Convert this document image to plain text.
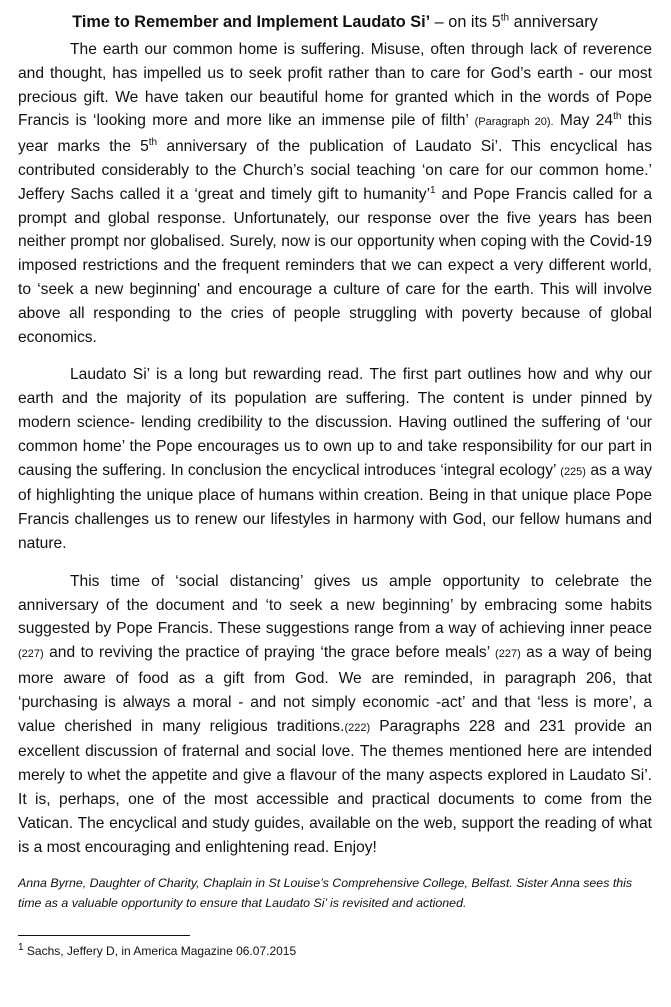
Time to Remember and Implement Laudato Si’ – on its 5th anniversary

The earth our common home is suffering. Misuse, often through lack of reverence and thought, has impelled us to seek profit rather than to care for God’s earth - our most precious gift. We have taken our beautiful home for granted which in the words of Pope Francis is ‘looking more and more like an immense pile of filth’ (Paragraph 20). May 24th this year marks the 5th anniversary of the publication of Laudato Si’. This encyclical has contributed considerably to the Church’s social teaching ‘on care for our common home.’ Jeffery Sachs called it a ‘great and timely gift to humanity’$^1$ and Pope Francis called for a prompt and global response. Unfortunately, our response over the five years has been neither prompt nor globalised. Surely, now is our opportunity when coping with the Covid-19 imposed restrictions and the frequent reminders that we can expect a very different world, to ‘seek a new beginning' and encourage a culture of care for the earth. This will involve above all responding to the cries of people struggling with poverty because of global economics.

Laudato Si’ is a long but rewarding read. The first part outlines how and why our earth and the majority of its population are suffering. The content is under pinned by modern science- lending credibility to the discussion. Having outlined the suffering of ‘our common home’ the Pope encourages us to own up to and take responsibility for our part in causing the suffering. In conclusion the encyclical introduces ‘integral ecology’ (225) as a way of highlighting the unique place of humans within creation. Being in that unique place Pope Francis challenges us to renew our lifestyles in harmony with God, our fellow humans and nature.

This time of ‘social distancing’ gives us ample opportunity to celebrate the anniversary of the document and ‘to seek a new beginning’ by embracing some habits suggested by Pope Francis. These suggestions range from a way of achieving inner peace (227) and to reviving the practice of praying ‘the grace before meals’ (227) as a way of being more aware of food as a gift from God. We are reminded, in paragraph 206, that ‘purchasing is always a moral - and not simply economic -act’ and that ‘less is more’, a value cherished in many religious traditions.(222) Paragraphs 228 and 231 provide an excellent discussion of fraternal and social love. The themes mentioned here are intended merely to whet the appetite and give a flavour of the many aspects explored in Laudato Si’. It is, perhaps, one of the most accessible and practical documents to come from the Vatican. The encyclical and study guides, available on the web, support the reading of what is a most encouraging and enlightening read. Enjoy!

Anna Byrne, Daughter of Charity, Chaplain in St Louise’s Comprehensive College, Belfast. Sister Anna sees this time as a valuable opportunity to ensure that Laudato Si’ is revisited and actioned.

$^1$ Sachs, Jeffery D, in America Magazine 06.07.2015
